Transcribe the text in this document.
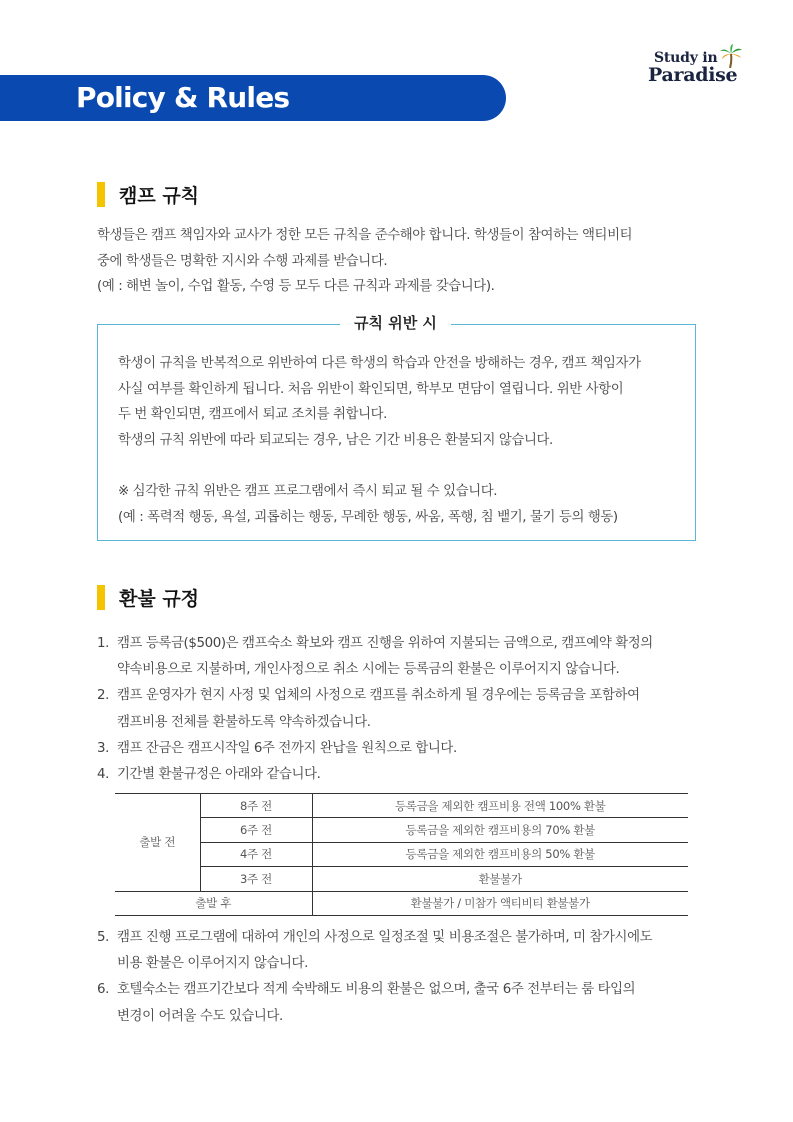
Study in
Paradise
Policy & Rules
캠프 규칙
학생들은 캠프 책임자와 교사가 정한 모든 규칙을 준수해야 합니다. 학생들이 참여하는 액티비티
중에 학생들은 명확한 지시와 수행 과제를 받습니다.
(예 : 해변 놀이, 수업 활동, 수영 등 모두 다른 규칙과 과제를 갖습니다).
규칙 위반 시
학생이 규칙을 반복적으로 위반하여 다른 학생의 학습과 안전을 방해하는 경우, 캠프 책임자가
사실 여부를 확인하게 됩니다. 처음 위반이 확인되면, 학부모 면담이 열립니다. 위반 사항이
두 번 확인되면, 캠프에서 퇴교 조치를 취합니다.
학생의 규칙 위반에 따라 퇴교되는 경우, 남은 기간 비용은 환불되지 않습니다.
※ 심각한 규칙 위반은 캠프 프로그램에서 즉시 퇴교 될 수 있습니다.
(예 : 폭력적 행동, 욕설, 괴롭히는 행동, 무례한 행동, 싸움, 폭행, 침 뱉기, 물기 등의 행동)
환불 규정
1. 캠프 등록금($500)은 캠프숙소 확보와 캠프 진행을 위하여 지불되는 금액으로, 캠프예약 확정의
약속비용으로 지불하며, 개인사정으로 취소 시에는 등록금의 환불은 이루어지지 않습니다.
2. 캠프 운영자가 현지 사정 및 업체의 사정으로 캠프를 취소하게 될 경우에는 등록금을 포함하여
캠프비용 전체를 환불하도록 약속하겠습니다.
3. 캠프 잔금은 캠프시작일 6주 전까지 완납을 원칙으로 합니다.
4. 기간별 환불규정은 아래와 같습니다.
출발 전	8주 전	등록금을 제외한 캠프비용 전액 100% 환불
	6주 전	등록금을 제외한 캠프비용의 70% 환불
	4주 전	등록금을 제외한 캠프비용의 50% 환불
	3주 전	환불불가
출발 후		환불불가 / 미참가 액티비티 환불불가
5. 캠프 진행 프로그램에 대하여 개인의 사정으로 일정조절 및 비용조절은 불가하며, 미 참가시에도
비용 환불은 이루어지지 않습니다.
6. 호텔숙소는 캠프기간보다 적게 숙박해도 비용의 환불은 없으며, 출국 6주 전부터는 룸 타입의
변경이 어려울 수도 있습니다.
